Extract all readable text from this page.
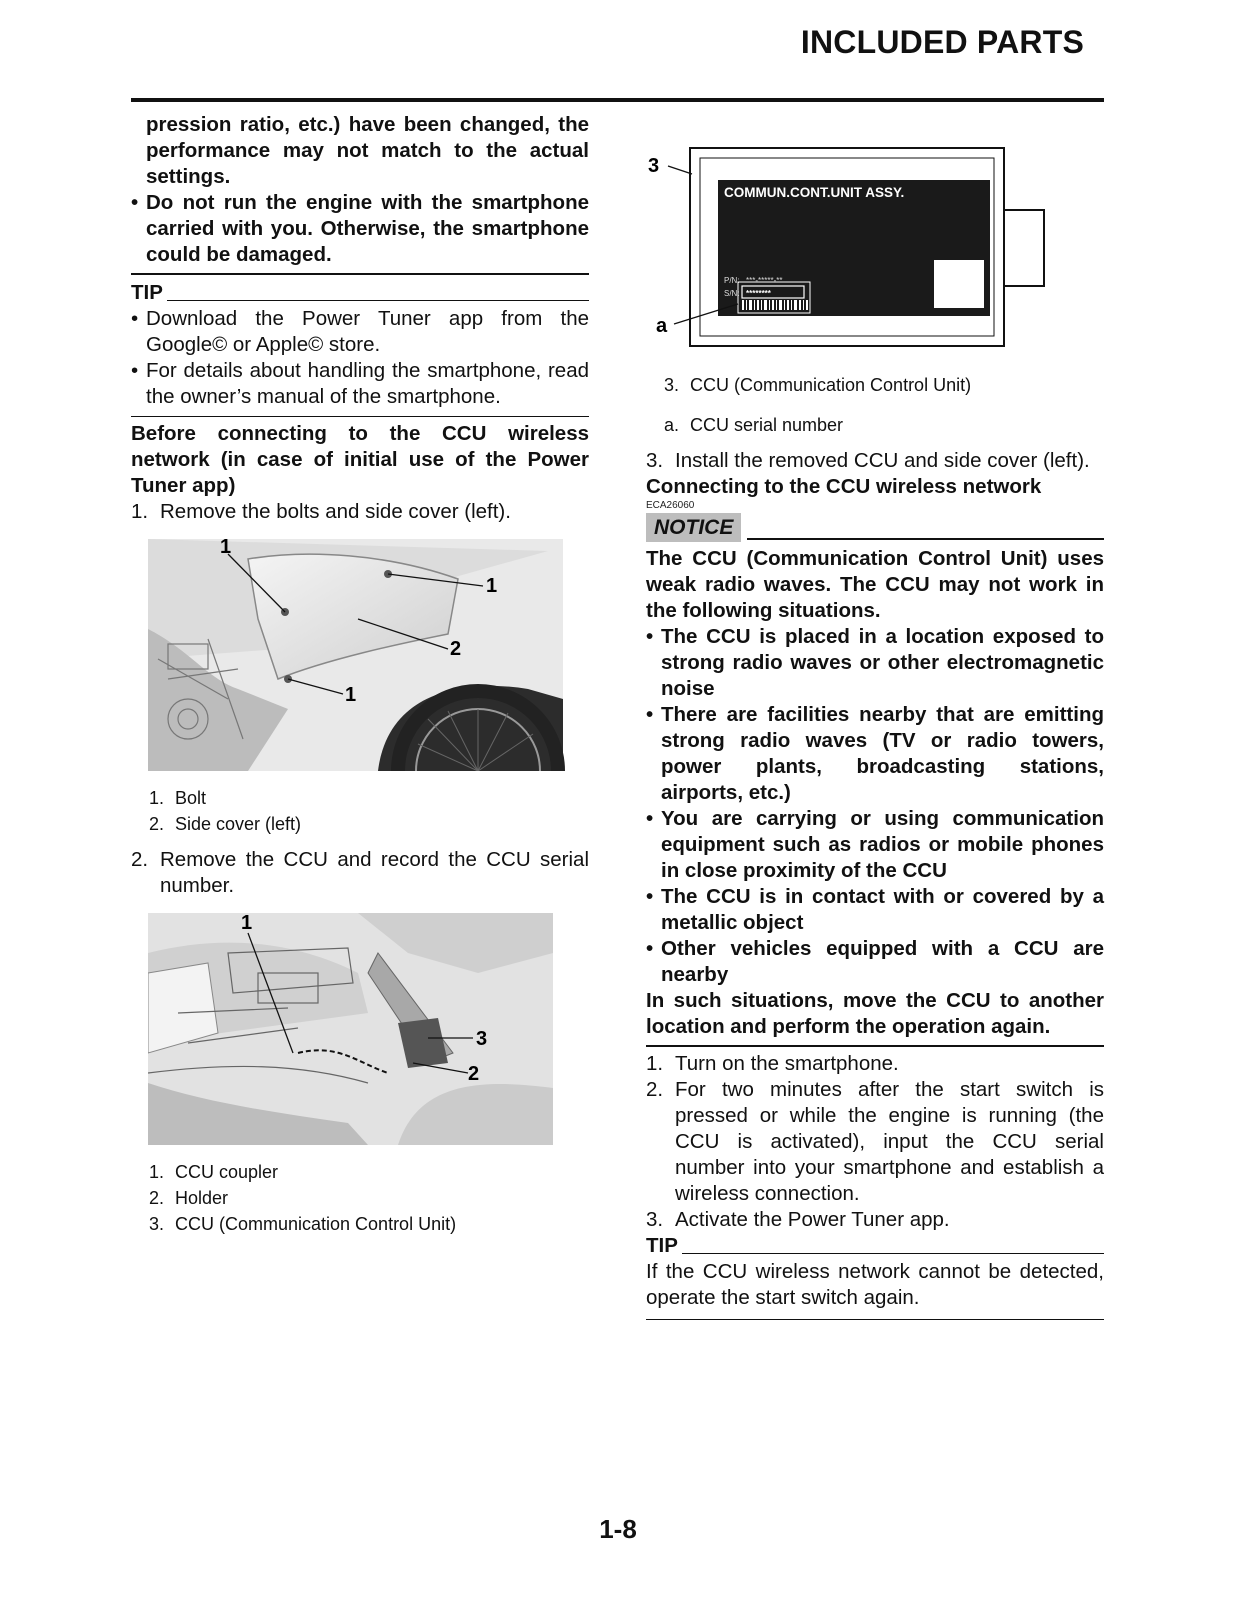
INCLUDED PARTS
pression ratio, etc.) have been changed, the performance may not match to the actual settings.
• Do not run the engine with the smartphone carried with you. Otherwise, the smartphone could be damaged.
TIP
• Download the Power Tuner app from the Google© or Apple© store.
• For details about handling the smartphone, read the owner’s manual of the smartphone.
Before connecting to the CCU wireless network (in case of initial use of the Power Tuner app)
1. Remove the bolts and side cover (left).
1
1
2
1
1. Bolt
2. Side cover (left)
2. Remove the CCU and record the CCU serial number.
1
3
2
1. CCU coupler
2. Holder
3. CCU (Communication Control Unit)
COMMUN.CONT.UNIT ASSY.
P/N: ***-*****-**
S/N: ********
3
a
3. CCU (Communication Control Unit)
a. CCU serial number
3. Install the removed CCU and side cover (left).
Connecting to the CCU wireless network
ECA26060
NOTICE
The CCU (Communication Control Unit) uses weak radio waves. The CCU may not work in the following situations.
• The CCU is placed in a location exposed to strong radio waves or other electromagnetic noise
• There are facilities nearby that are emitting strong radio waves (TV or radio towers, power plants, broadcasting stations, airports, etc.)
• You are carrying or using communication equipment such as radios or mobile phones in close proximity of the CCU
• The CCU is in contact with or covered by a metallic object
• Other vehicles equipped with a CCU are nearby
In such situations, move the CCU to another location and perform the operation again.
1. Turn on the smartphone.
2. For two minutes after the start switch is pressed or while the engine is running (the CCU is activated), input the CCU serial number into your smartphone and establish a wireless connection.
3. Activate the Power Tuner app.
TIP
If the CCU wireless network cannot be detected, operate the start switch again.
1-8
